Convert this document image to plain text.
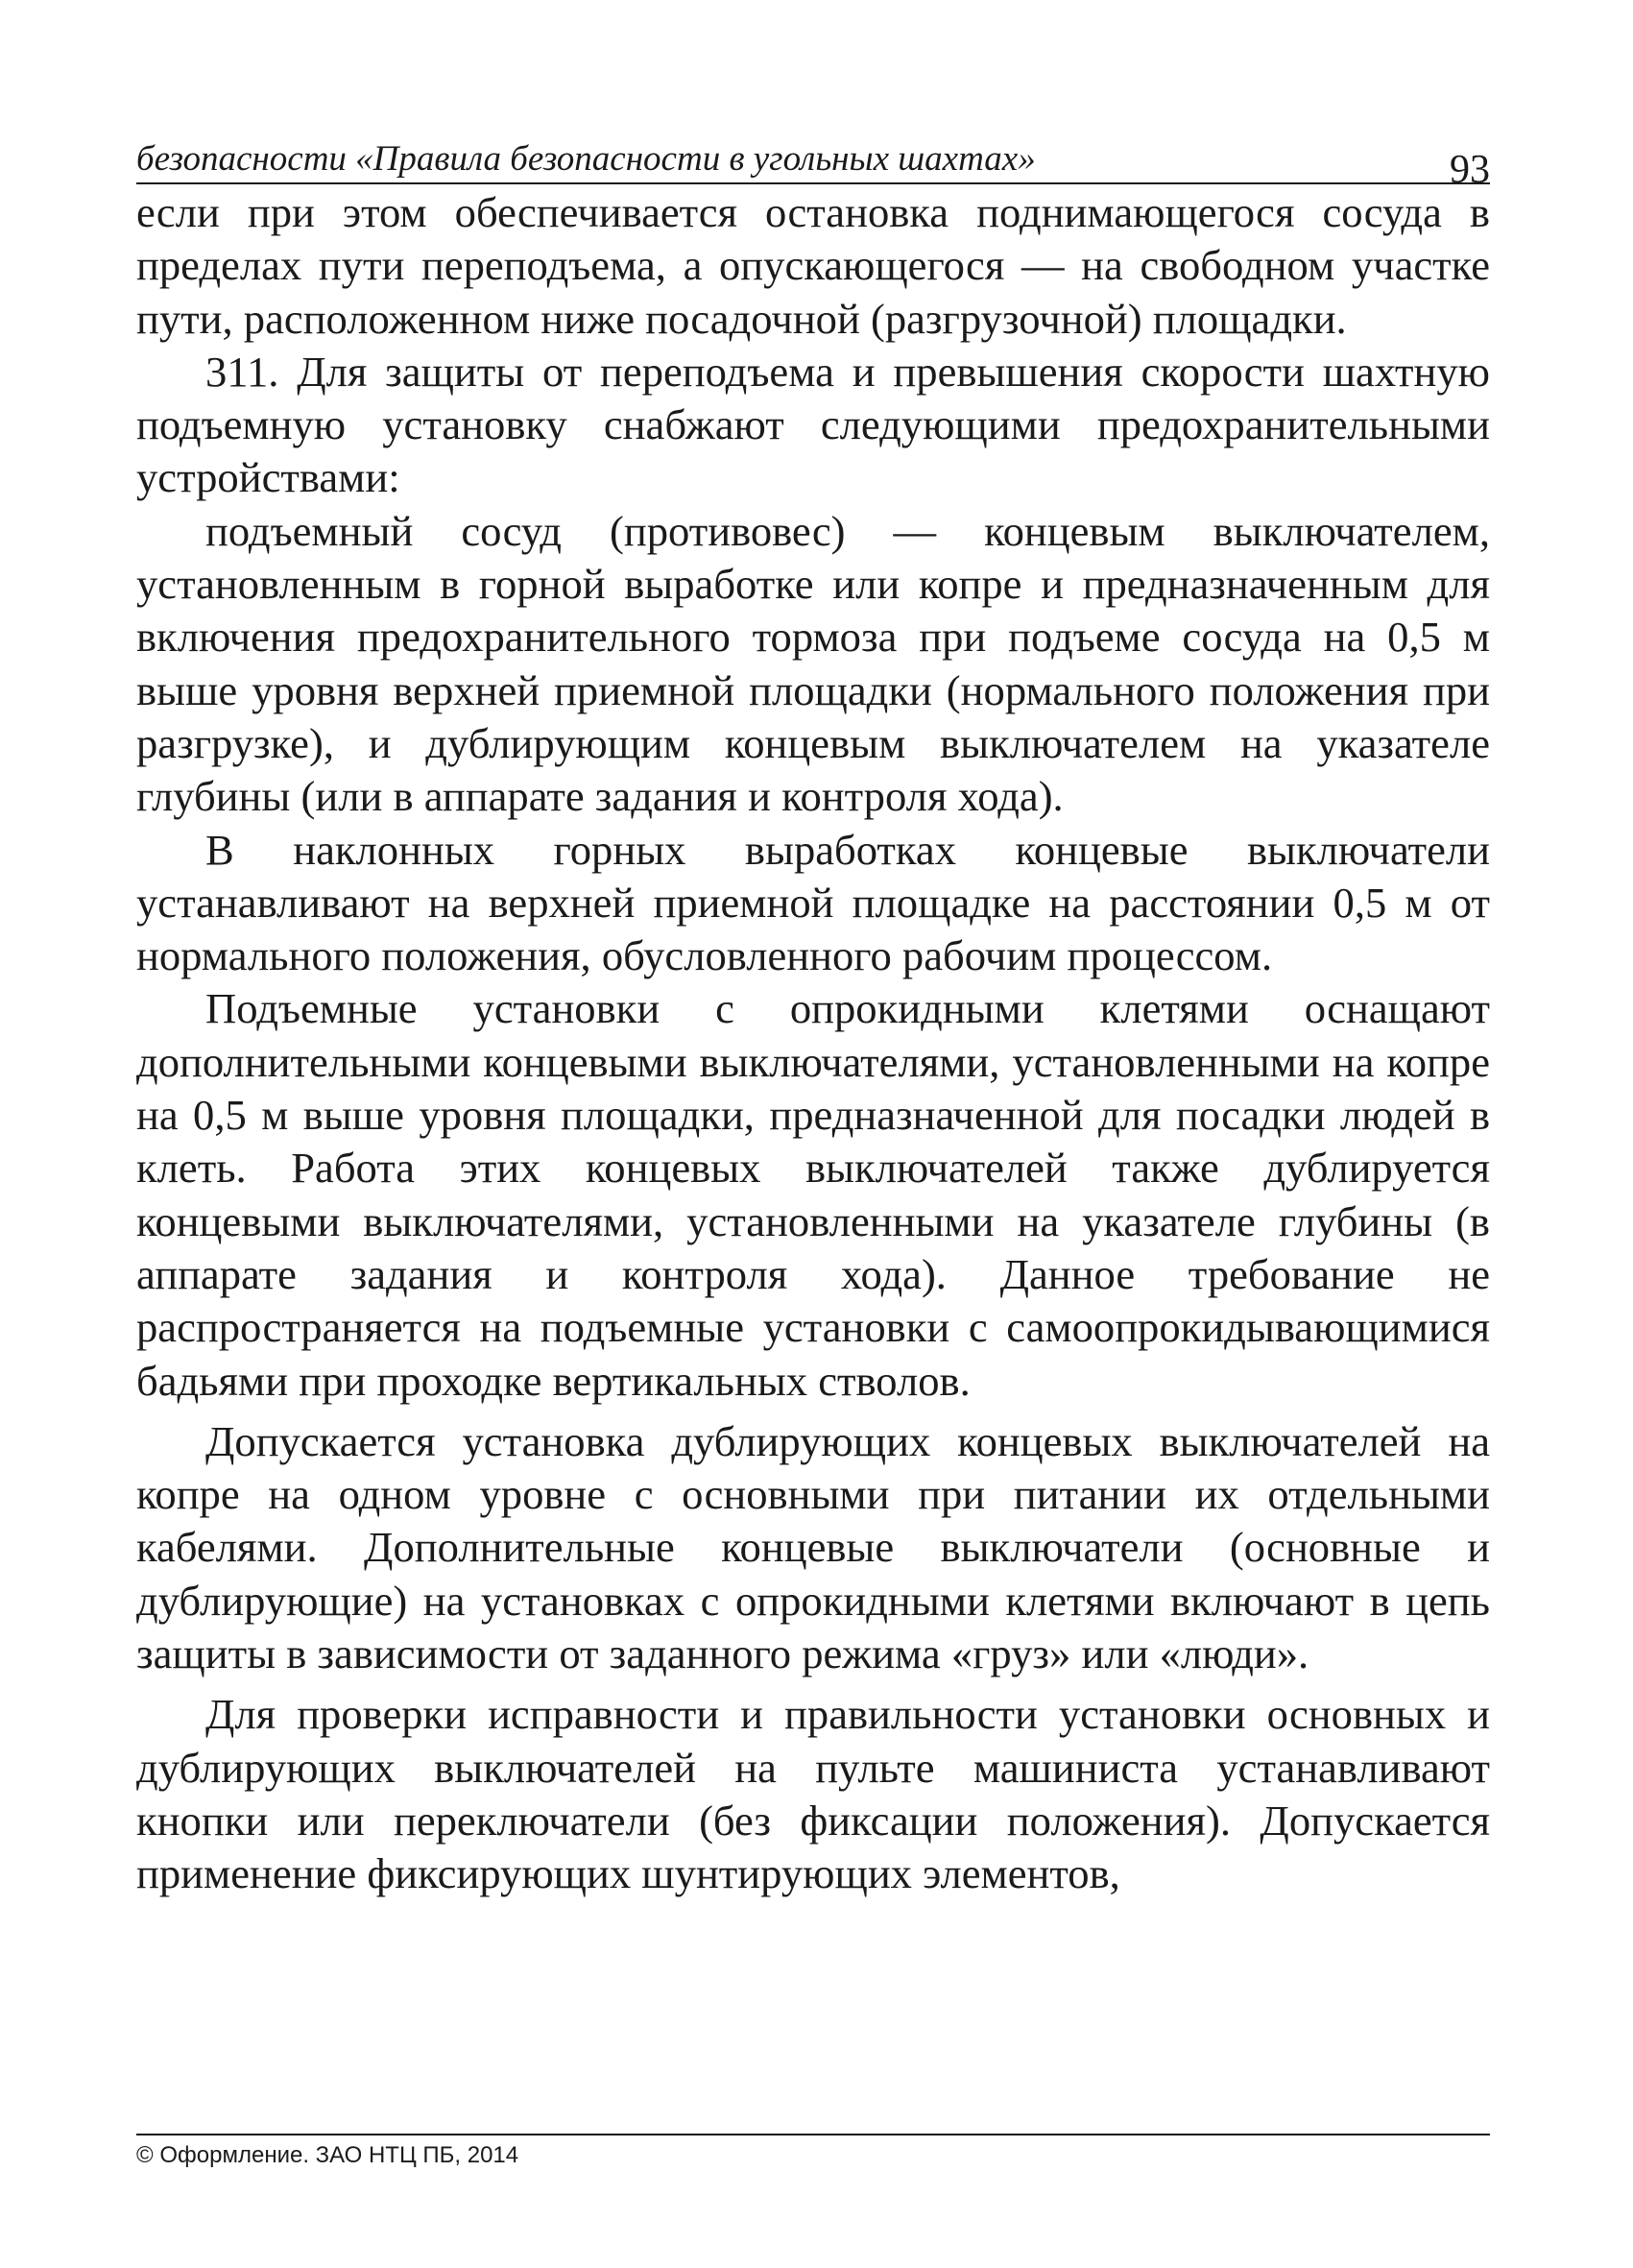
безопасности «Правила безопасности в угольных шахтах»	93

если при этом обеспечивается остановка поднимающегося сосуда в пределах пути переподъема, а опускающегося — на свободном участке пути, расположенном ниже посадочной (разгрузочной) площадки.

311. Для защиты от переподъема и превышения скорости шахтную подъемную установку снабжают следующими предохранительными устройствами:

подъемный сосуд (противовес) — концевым выключателем, установленным в горной выработке или копре и предназначенным для включения предохранительного тормоза при подъеме сосуда на 0,5 м выше уровня верхней приемной площадки (нормального положения при разгрузке), и дублирующим концевым выключателем на указателе глубины (или в аппарате задания и контроля хода).

В наклонных горных выработках концевые выключатели устанавливают на верхней приемной площадке на расстоянии 0,5 м от нормального положения, обусловленного рабочим процессом.

Подъемные установки с опрокидными клетями оснащают дополнительными концевыми выключателями, установленными на копре на 0,5 м выше уровня площадки, предназначенной для посадки людей в клеть. Работа этих концевых выключателей также дублируется концевыми выключателями, установленными на указателе глубины (в аппарате задания и контроля хода). Данное требование не распространяется на подъемные установки с самоопрокидывающимися бадьями при проходке вертикальных стволов.

Допускается установка дублирующих концевых выключателей на копре на одном уровне с основными при питании их отдельными кабелями. Дополнительные концевые выключатели (основные и дублирующие) на установках с опрокидными клетями включают в цепь защиты в зависимости от заданного режима «груз» или «люди».

Для проверки исправности и правильности установки основных и дублирующих выключателей на пульте машиниста устанавливают кнопки или переключатели (без фиксации положения). Допускается применение фиксирующих шунтирующих элементов,

© Оформление. ЗАО НТЦ ПБ, 2014
